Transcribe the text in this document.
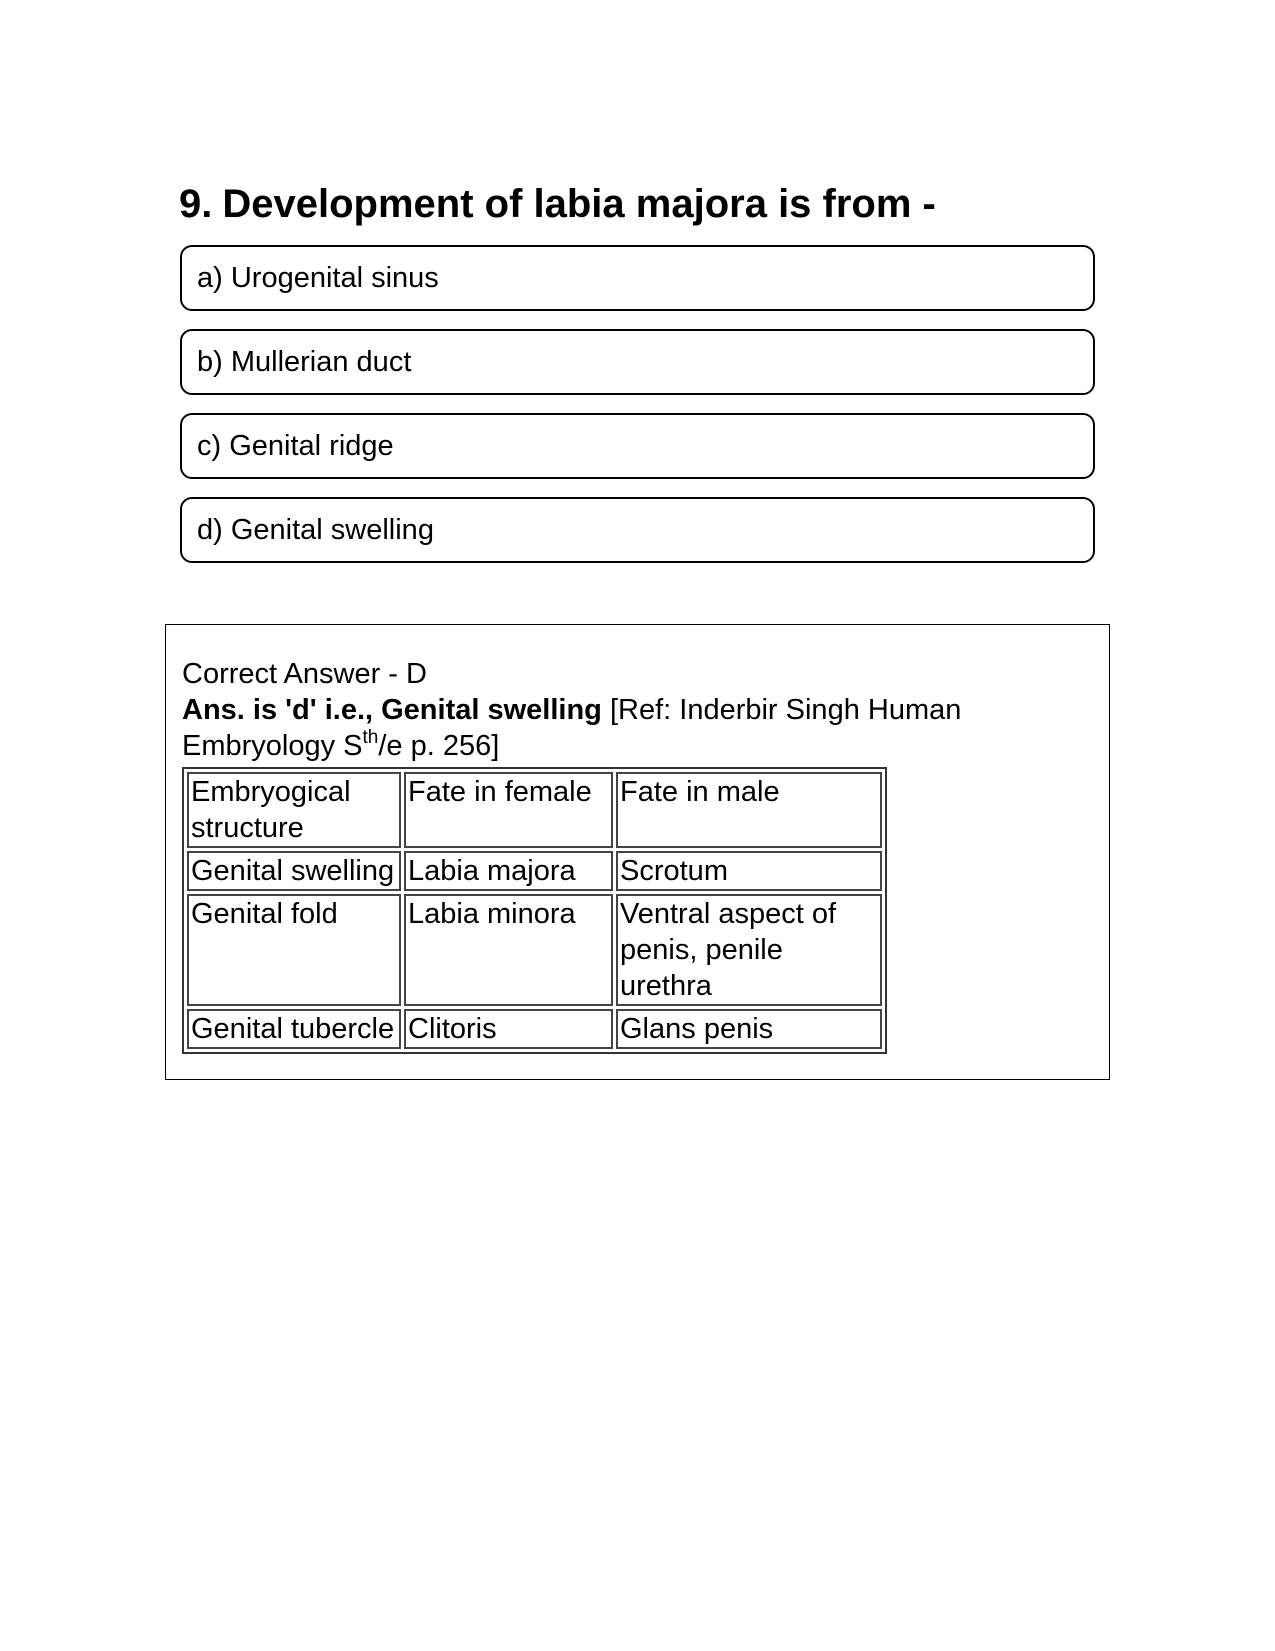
9. Development of labia majora is from -
a) Urogenital sinus
b) Mullerian duct
c) Genital ridge
d) Genital swelling

Correct Answer - D

Ans. is 'd' i.e., Genital swelling [Ref: Inderbir Singh Human Embryology $S^{th}/e$ p. 256]

Embryogical structure	Fate in female	Fate in male
Genital swelling	Labia majora	Scrotum
Genital fold	Labia minora	Ventral aspect of penis, penile urethra
Genital tubercle	Clitoris	Glans penis
